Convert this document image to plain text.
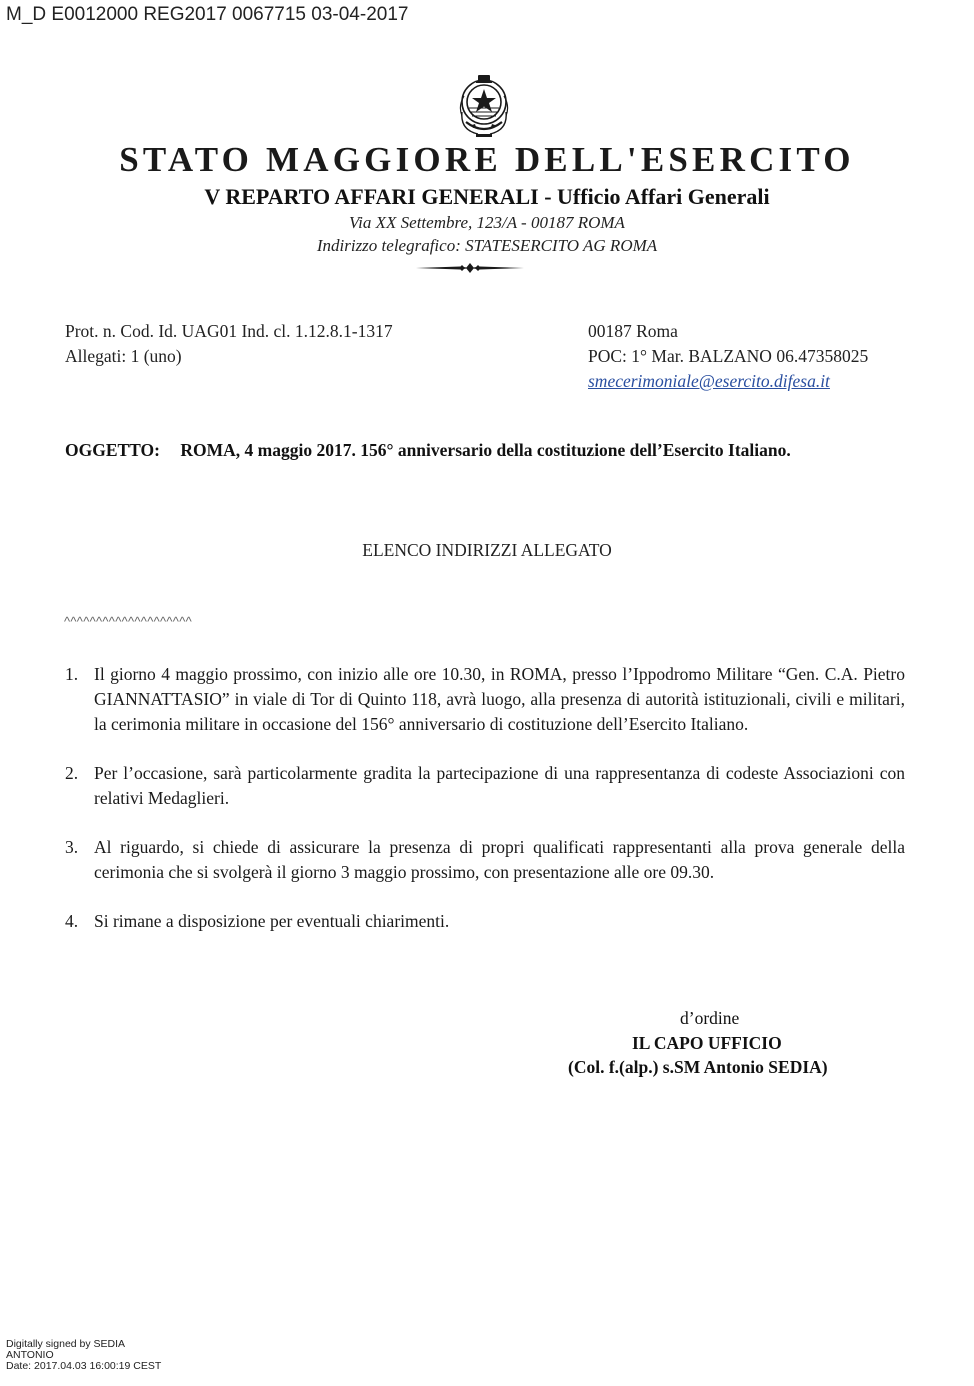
M_D E0012000 REG2017 0067715 03-04-2017
STATO MAGGIORE DELL'ESERCITO
V REPARTO AFFARI GENERALI - Ufficio Affari Generali
Via XX Settembre, 123/A - 00187 ROMA
Indirizzo telegrafico: STATESERCITO AG ROMA
Prot. n. Cod. Id. UAG01 Ind. cl. 1.12.8.1-1317
Allegati: 1 (uno)
00187 Roma
POC: 1° Mar. BALZANO 06.47358025
smecerimoniale@esercito.difesa.it
OGGETTO: ROMA, 4 maggio 2017. 156° anniversario della costituzione dell’Esercito Italiano.
ELENCO INDIRIZZI ALLEGATO
^^^^^^^^^^^^^^^^^^^^
1. Il giorno 4 maggio prossimo, con inizio alle ore 10.30, in ROMA, presso l’Ippodromo Militare “Gen. C.A. Pietro GIANNATTASIO” in viale di Tor di Quinto 118, avrà luogo, alla presenza di autorità istituzionali, civili e militari, la cerimonia militare in occasione del 156° anniversario di costituzione dell’Esercito Italiano.
2. Per l’occasione, sarà particolarmente gradita la partecipazione di una rappresentanza di codeste Associazioni con relativi Medaglieri.
3. Al riguardo, si chiede di assicurare la presenza di propri qualificati rappresentanti alla prova generale della cerimonia che si svolgerà il giorno 3 maggio prossimo, con presentazione alle ore 09.30.
4. Si rimane a disposizione per eventuali chiarimenti.
d’ordine
IL CAPO UFFICIO
(Col. f.(alp.) s.SM Antonio SEDIA)
Digitally signed by SEDIA
ANTONIO
Date: 2017.04.03 16:00:19 CEST
